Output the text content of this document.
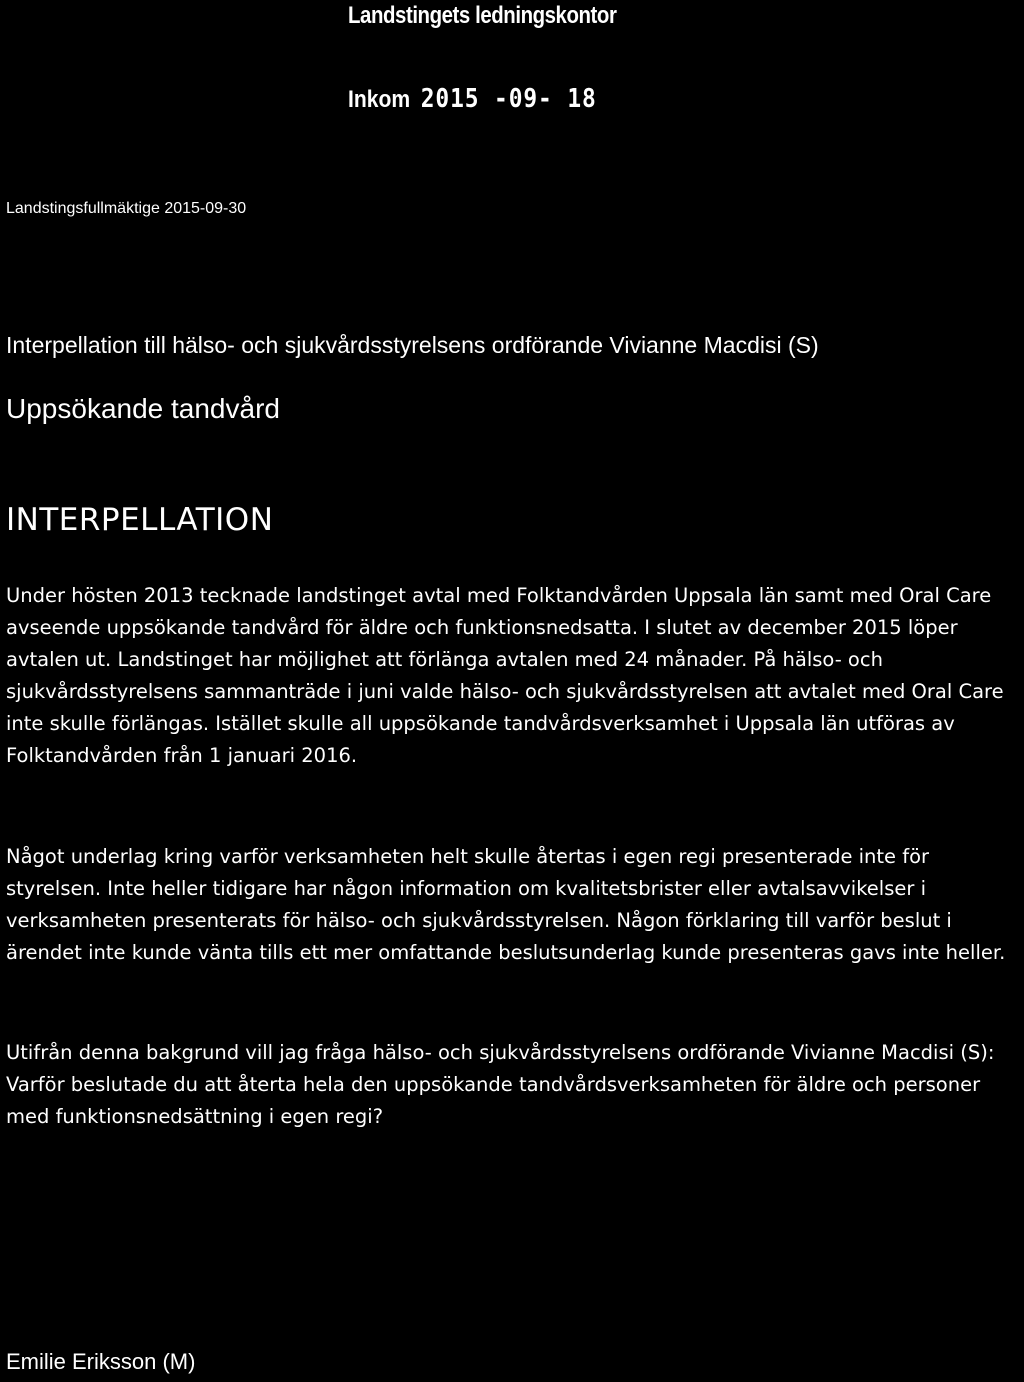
Landstingets ledningskontor
Inkom 2015 -09- 18
Landstingsfullmäktige 2015-09-30
Interpellation till hälso- och sjukvårdsstyrelsens ordförande Vivianne Macdisi (S)
Uppsökande tandvård
INTERPELLATION

Under hösten 2013 tecknade landstinget avtal med Folktandvården Uppsala län samt med Oral Care avseende uppsökande tandvård för äldre och funktionsnedsatta. I slutet av december 2015 löper avtalen ut. Landstinget har möjlighet att förlänga avtalen med 24 månader. På hälso- och sjukvårdsstyrelsens sammanträde i juni valde hälso- och sjukvårdsstyrelsen att avtalet med Oral Care inte skulle förlängas. Istället skulle all uppsökande tandvårdsverksamhet i Uppsala län utföras av Folktandvården från 1 januari 2016.

Något underlag kring varför verksamheten helt skulle återtas i egen regi presenterade inte för styrelsen. Inte heller tidigare har någon information om kvalitetsbrister eller avtalsavvikelser i verksamheten presenterats för hälso- och sjukvårdsstyrelsen. Någon förklaring till varför beslut i ärendet inte kunde vänta tills ett mer omfattande beslutsunderlag kunde presenteras gavs inte heller.

Utifrån denna bakgrund vill jag fråga hälso- och sjukvårdsstyrelsens ordförande Vivianne Macdisi (S): Varför beslutade du att återta hela den uppsökande tandvårdsverksamheten för äldre och personer med funktionsnedsättning i egen regi?

Emilie Eriksson (M)
